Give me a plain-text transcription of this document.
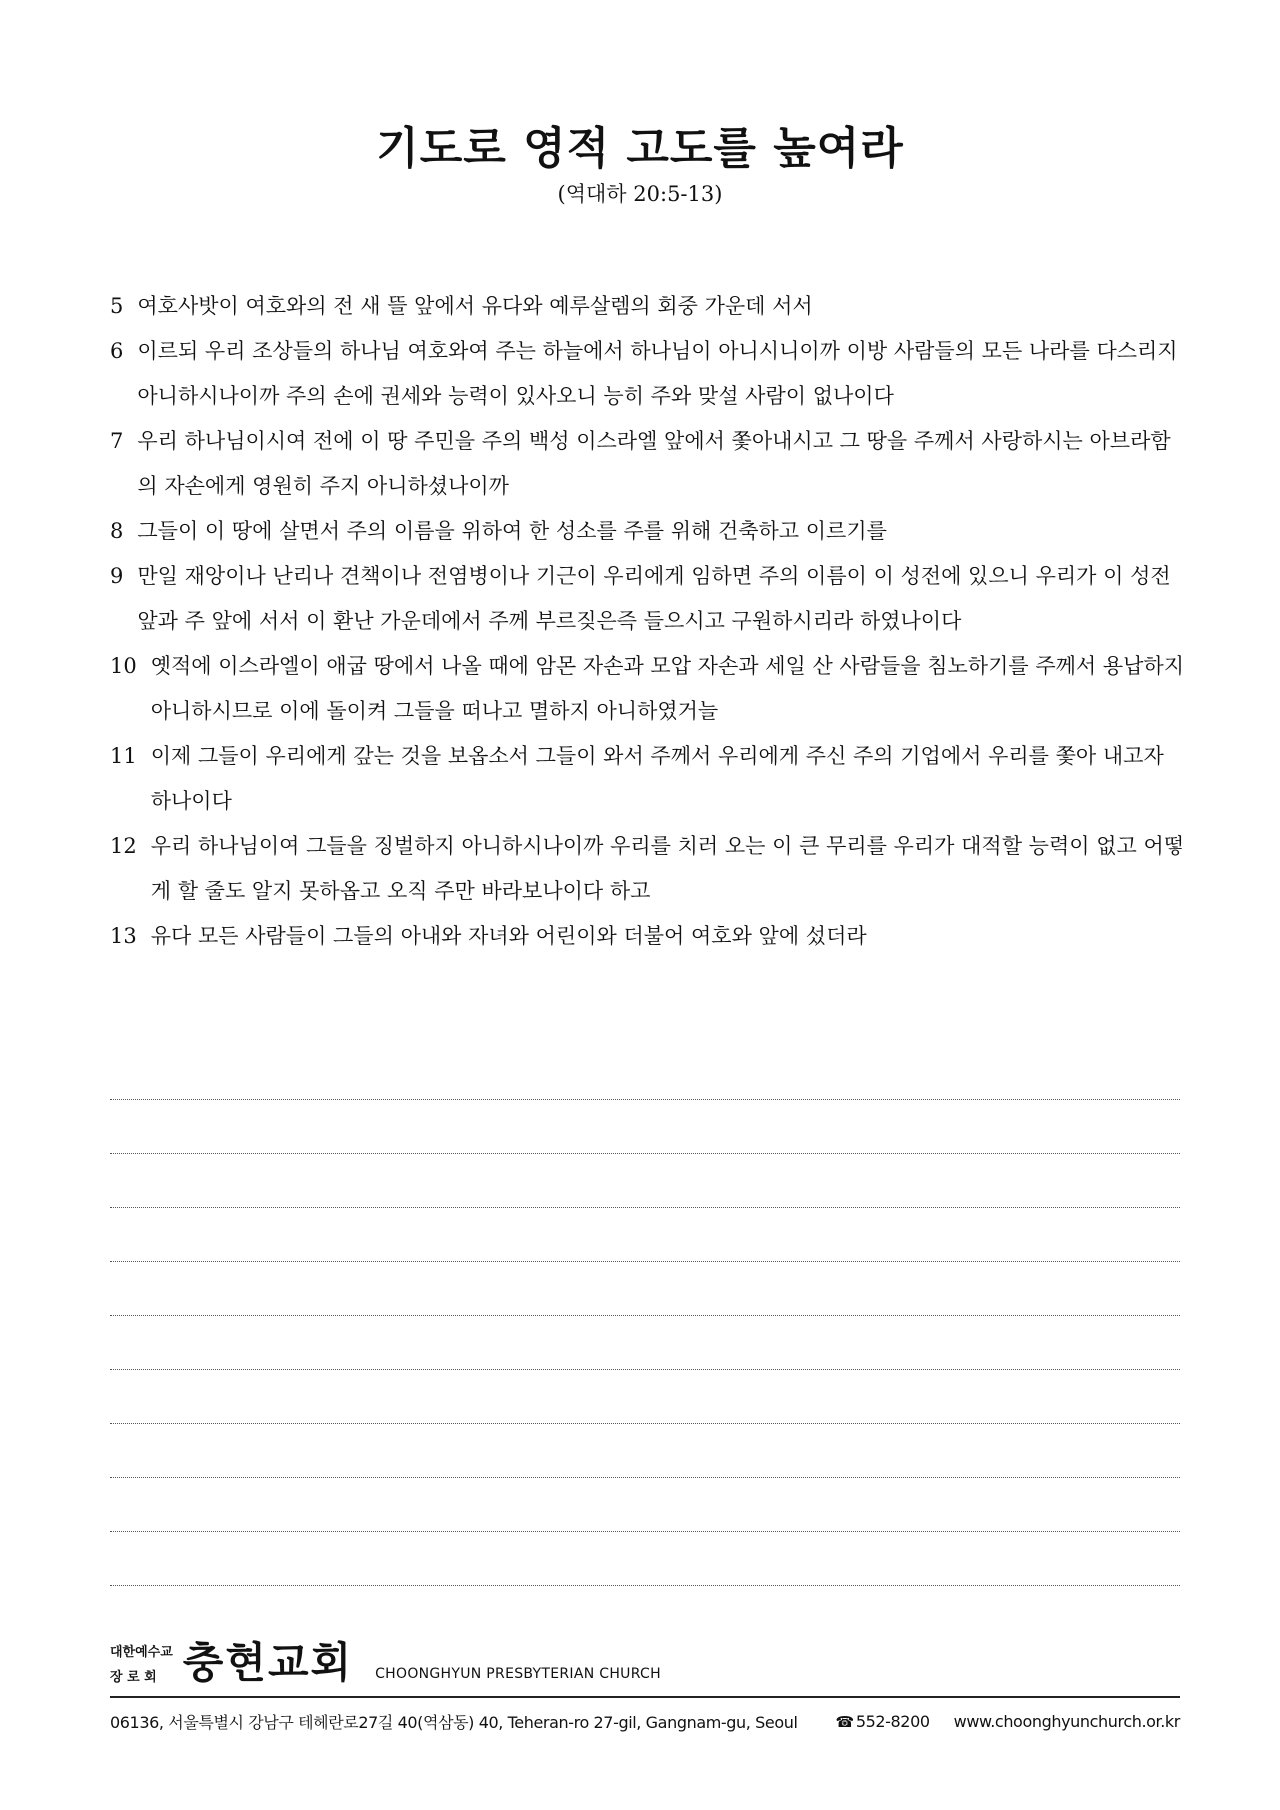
기도로 영적 고도를 높여라
(역대하 20:5-13)
5 여호사밧이 여호와의 전 새 뜰 앞에서 유다와 예루살렘의 회중 가운데 서서
6 이르되 우리 조상들의 하나님 여호와여 주는 하늘에서 하나님이 아니시니이까 이방 사람들의 모든 나라를 다스리지 아니하시나이까 주의 손에 권세와 능력이 있사오니 능히 주와 맞설 사람이 없나이다
7 우리 하나님이시여 전에 이 땅 주민을 주의 백성 이스라엘 앞에서 쫓아내시고 그 땅을 주께서 사랑하시는 아브라함의 자손에게 영원히 주지 아니하셨나이까
8 그들이 이 땅에 살면서 주의 이름을 위하여 한 성소를 주를 위해 건축하고 이르기를
9 만일 재앙이나 난리나 견책이나 전염병이나 기근이 우리에게 임하면 주의 이름이 이 성전에 있으니 우리가 이 성전 앞과 주 앞에 서서 이 환난 가운데에서 주께 부르짖은즉 들으시고 구원하시리라 하였나이다
10 옛적에 이스라엘이 애굽 땅에서 나올 때에 암몬 자손과 모압 자손과 세일 산 사람들을 침노하기를 주께서 용납하지 아니하시므로 이에 돌이켜 그들을 떠나고 멸하지 아니하였거늘
11 이제 그들이 우리에게 갚는 것을 보옵소서 그들이 와서 주께서 우리에게 주신 주의 기업에서 우리를 쫓아 내고자 하나이다
12 우리 하나님이여 그들을 징벌하지 아니하시나이까 우리를 치러 오는 이 큰 무리를 우리가 대적할 능력이 없고 어떻게 할 줄도 알지 못하옵고 오직 주만 바라보나이다 하고
13 유다 모든 사람들이 그들의 아내와 자녀와 어린이와 더불어 여호와 앞에 섰더라
대한예수교
장 로 회 충현교회 CHOONGHYUN PRESBYTERIAN CHURCH
06136, 서울특별시 강남구 테헤란로27길 40(역삼동) 40, Teheran-ro 27-gil, Gangnam-gu, Seoul	☎ 552-8200 www.choonghyunchurch.or.kr
